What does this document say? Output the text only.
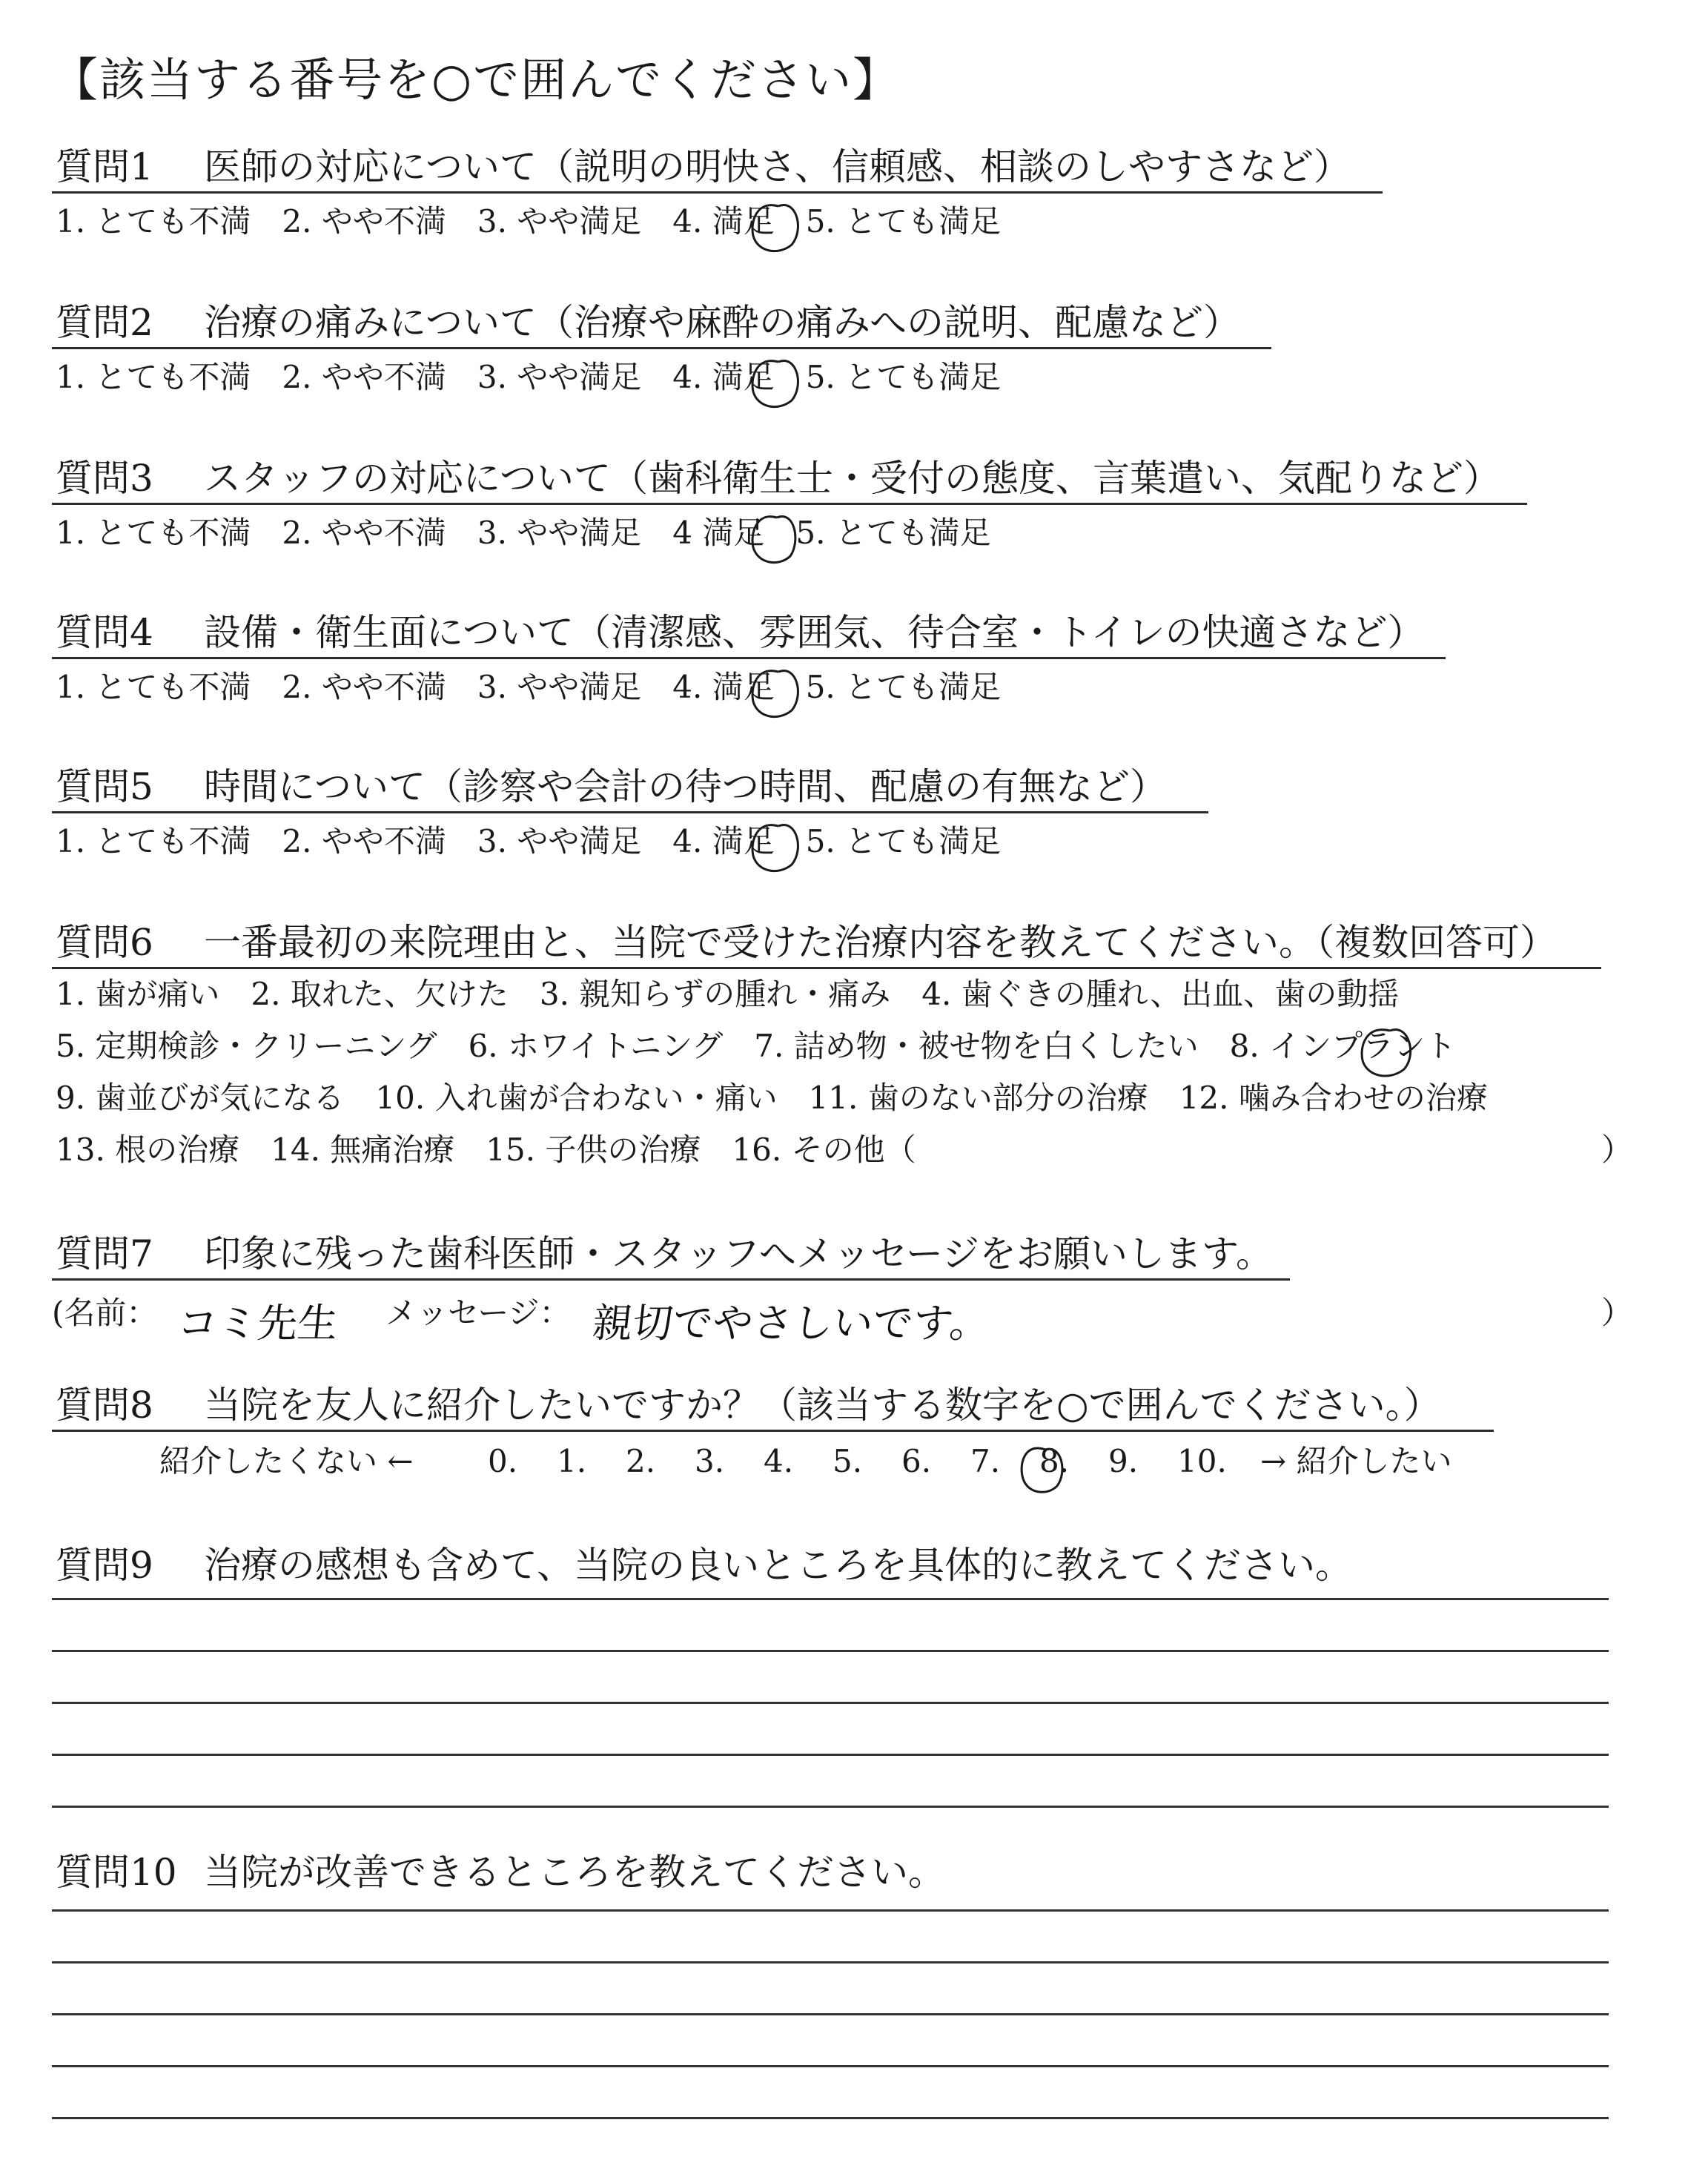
【該当する番号を○で囲んでください】
質問1 医師の対応について（説明の明快さ、信頼感、相談のしやすさなど）
1. とても不満　2. やや不満　3. やや満足　4. 満足　5. とても満足
質問2 治療の痛みについて（治療や麻酔の痛みへの説明、配慮など）
1. とても不満　2. やや不満　3. やや満足　4. 満足　5. とても満足
質問3 スタッフの対応について（歯科衛生士・受付の態度、言葉遣い、気配りなど）
1. とても不満　2. やや不満　3. やや満足　4 満足　5. とても満足
質問4 設備・衛生面について（清潔感、雰囲気、待合室・トイレの快適さなど）
1. とても不満　2. やや不満　3. やや満足　4. 満足　5. とても満足
質問5 時間について（診察や会計の待つ時間、配慮の有無など）
1. とても不満　2. やや不満　3. やや満足　4. 満足　5. とても満足
質問6 一番最初の来院理由と、当院で受けた治療内容を教えてください。（複数回答可）
1. 歯が痛い　2. 取れた、欠けた　3. 親知らずの腫れ・痛み　4. 歯ぐきの腫れ、出血、歯の動揺
5. 定期検診・クリーニング　6. ホワイトニング　7. 詰め物・被せ物を白くしたい　8. インプラント
9. 歯並びが気になる　10. 入れ歯が合わない・痛い　11. 歯のない部分の治療　12. 噛み合わせの治療
13. 根の治療　14. 無痛治療　15. 子供の治療　16. その他（	）
質問7 印象に残った歯科医師・スタッフへメッセージをお願いします。
(名前： コミ先生 メッセージ： 親切でやさしいです。	）
質問8 当院を友人に紹介したいですか？（該当する数字を○で囲んでください。）
紹介したくない ← 0. 1. 2. 3. 4. 5. 6. 7. 8. 9. 10. → 紹介したい
質問9 治療の感想も含めて、当院の良いところを具体的に教えてください。
質問10 当院が改善できるところを教えてください。
